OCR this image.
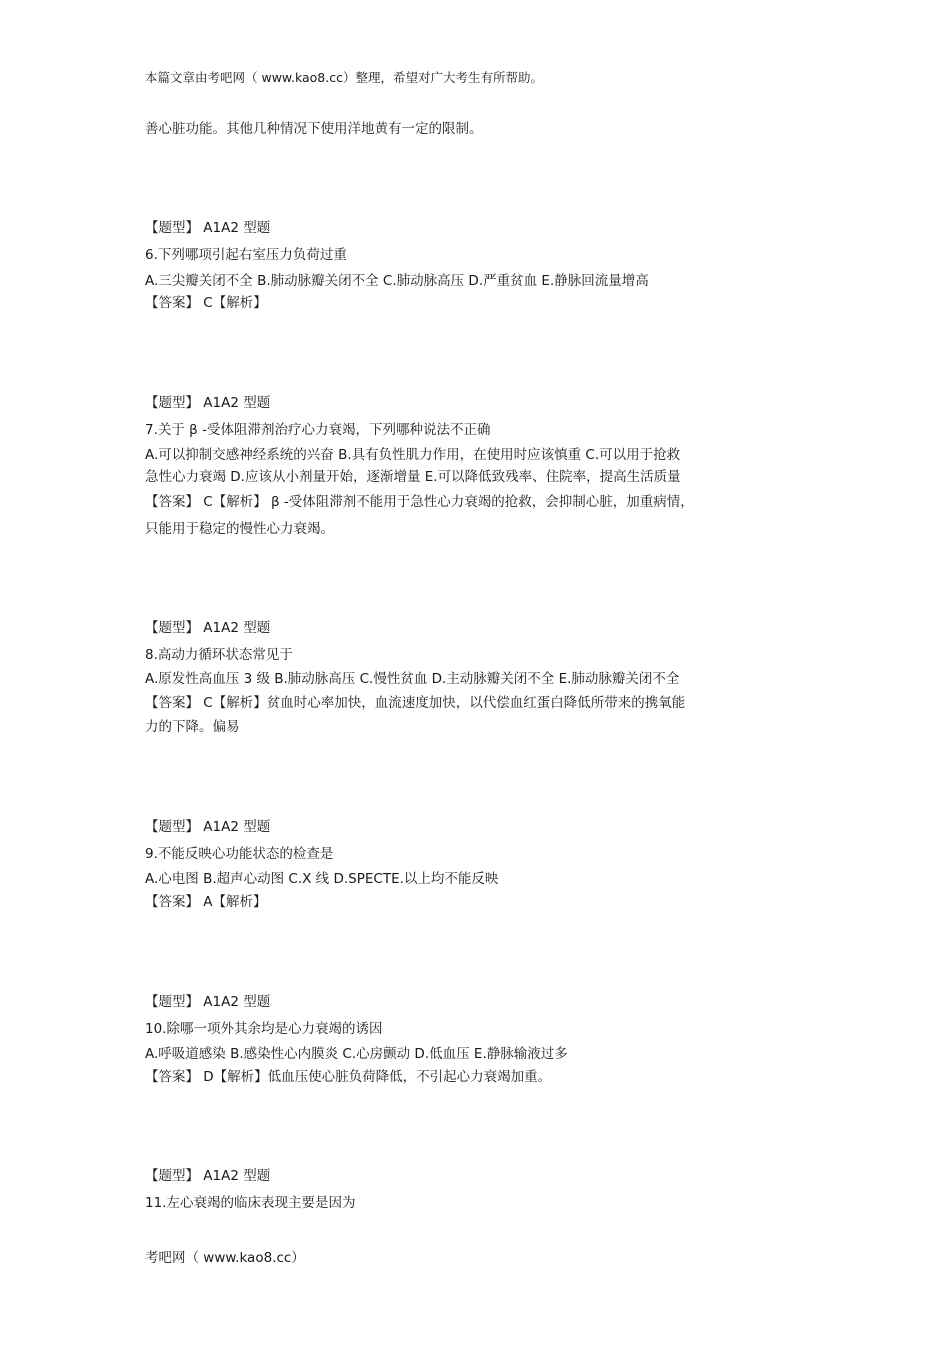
本篇文章由考吧网（ www.kao8.cc）整理，希望对广大考生有所帮助。
善心脏功能。其他几种情况下使用洋地黄有一定的限制。
【题型】 A1A2 型题
6.下列哪项引起右室压力负荷过重
A.三尖瓣关闭不全 B.肺动脉瓣关闭不全 C.肺动脉高压 D.严重贫血 E.静脉回流量增高
【答案】 C【解析】
【题型】 A1A2 型题
7.关于 β -受体阻滞剂治疗心力衰竭，下列哪种说法不正确
A.可以抑制交感神经系统的兴奋 B.具有负性肌力作用，在使用时应该慎重 C.可以用于抢救
急性心力衰竭 D.应该从小剂量开始，逐渐增量 E.可以降低致残率、住院率，提高生活质量
【答案】 C【解析】 β -受体阻滞剂不能用于急性心力衰竭的抢救，会抑制心脏，加重病情，
只能用于稳定的慢性心力衰竭。
【题型】 A1A2 型题
8.高动力循环状态常见于
A.原发性高血压 3 级 B.肺动脉高压 C.慢性贫血 D.主动脉瓣关闭不全 E.肺动脉瓣关闭不全
【答案】 C【解析】贫血时心率加快，血流速度加快，以代偿血红蛋白降低所带来的携氧能
力的下降。偏易
【题型】 A1A2 型题
9.不能反映心功能状态的检查是
A.心电图 B.超声心动图 C.X 线 D.SPECTE.以上均不能反映
【答案】 A【解析】
【题型】 A1A2 型题
10.除哪一项外其余均是心力衰竭的诱因
A.呼吸道感染 B.感染性心内膜炎 C.心房颤动 D.低血压 E.静脉输液过多
【答案】 D【解析】低血压使心脏负荷降低，不引起心力衰竭加重。
【题型】 A1A2 型题
11.左心衰竭的临床表现主要是因为
考吧网（ www.kao8.cc）
